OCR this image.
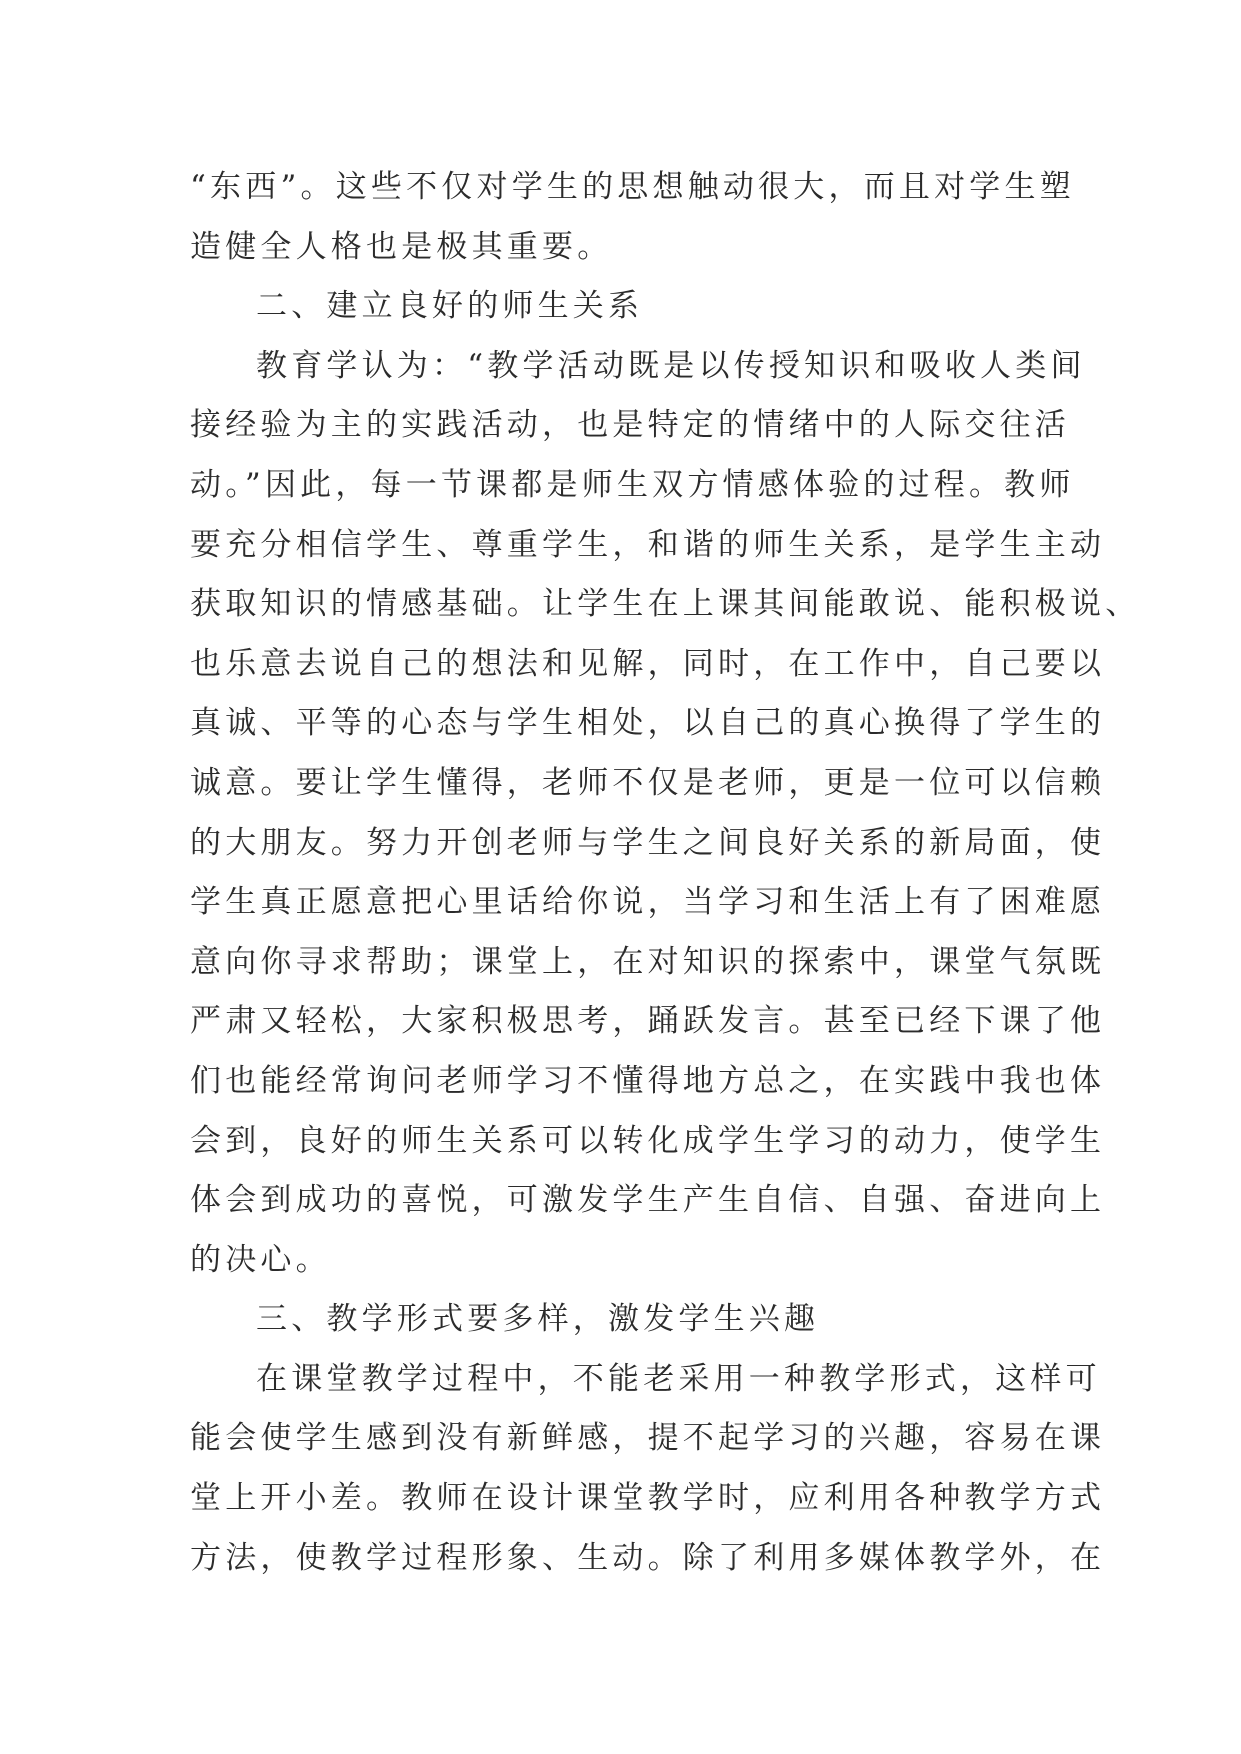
“东西”。这些不仅对学生的思想触动很大，而且对学生塑
造健全人格也是极其重要。
二、建立良好的师生关系
教育学认为：“教学活动既是以传授知识和吸收人类间
接经验为主的实践活动，也是特定的情绪中的人际交往活
动。”因此，每一节课都是师生双方情感体验的过程。教师
要充分相信学生、尊重学生，和谐的师生关系，是学生主动
获取知识的情感基础。让学生在上课其间能敢说、能积极说、
也乐意去说自己的想法和见解，同时，在工作中，自己要以
真诚、平等的心态与学生相处，以自己的真心换得了学生的
诚意。要让学生懂得，老师不仅是老师，更是一位可以信赖
的大朋友。努力开创老师与学生之间良好关系的新局面，使
学生真正愿意把心里话给你说，当学习和生活上有了困难愿
意向你寻求帮助；课堂上，在对知识的探索中，课堂气氛既
严肃又轻松，大家积极思考，踊跃发言。甚至已经下课了他
们也能经常询问老师学习不懂得地方总之，在实践中我也体
会到，良好的师生关系可以转化成学生学习的动力，使学生
体会到成功的喜悦，可激发学生产生自信、自强、奋进向上
的决心。
三、教学形式要多样，激发学生兴趣
在课堂教学过程中，不能老采用一种教学形式，这样可
能会使学生感到没有新鲜感，提不起学习的兴趣，容易在课
堂上开小差。教师在设计课堂教学时，应利用各种教学方式
方法，使教学过程形象、生动。除了利用多媒体教学外，在
